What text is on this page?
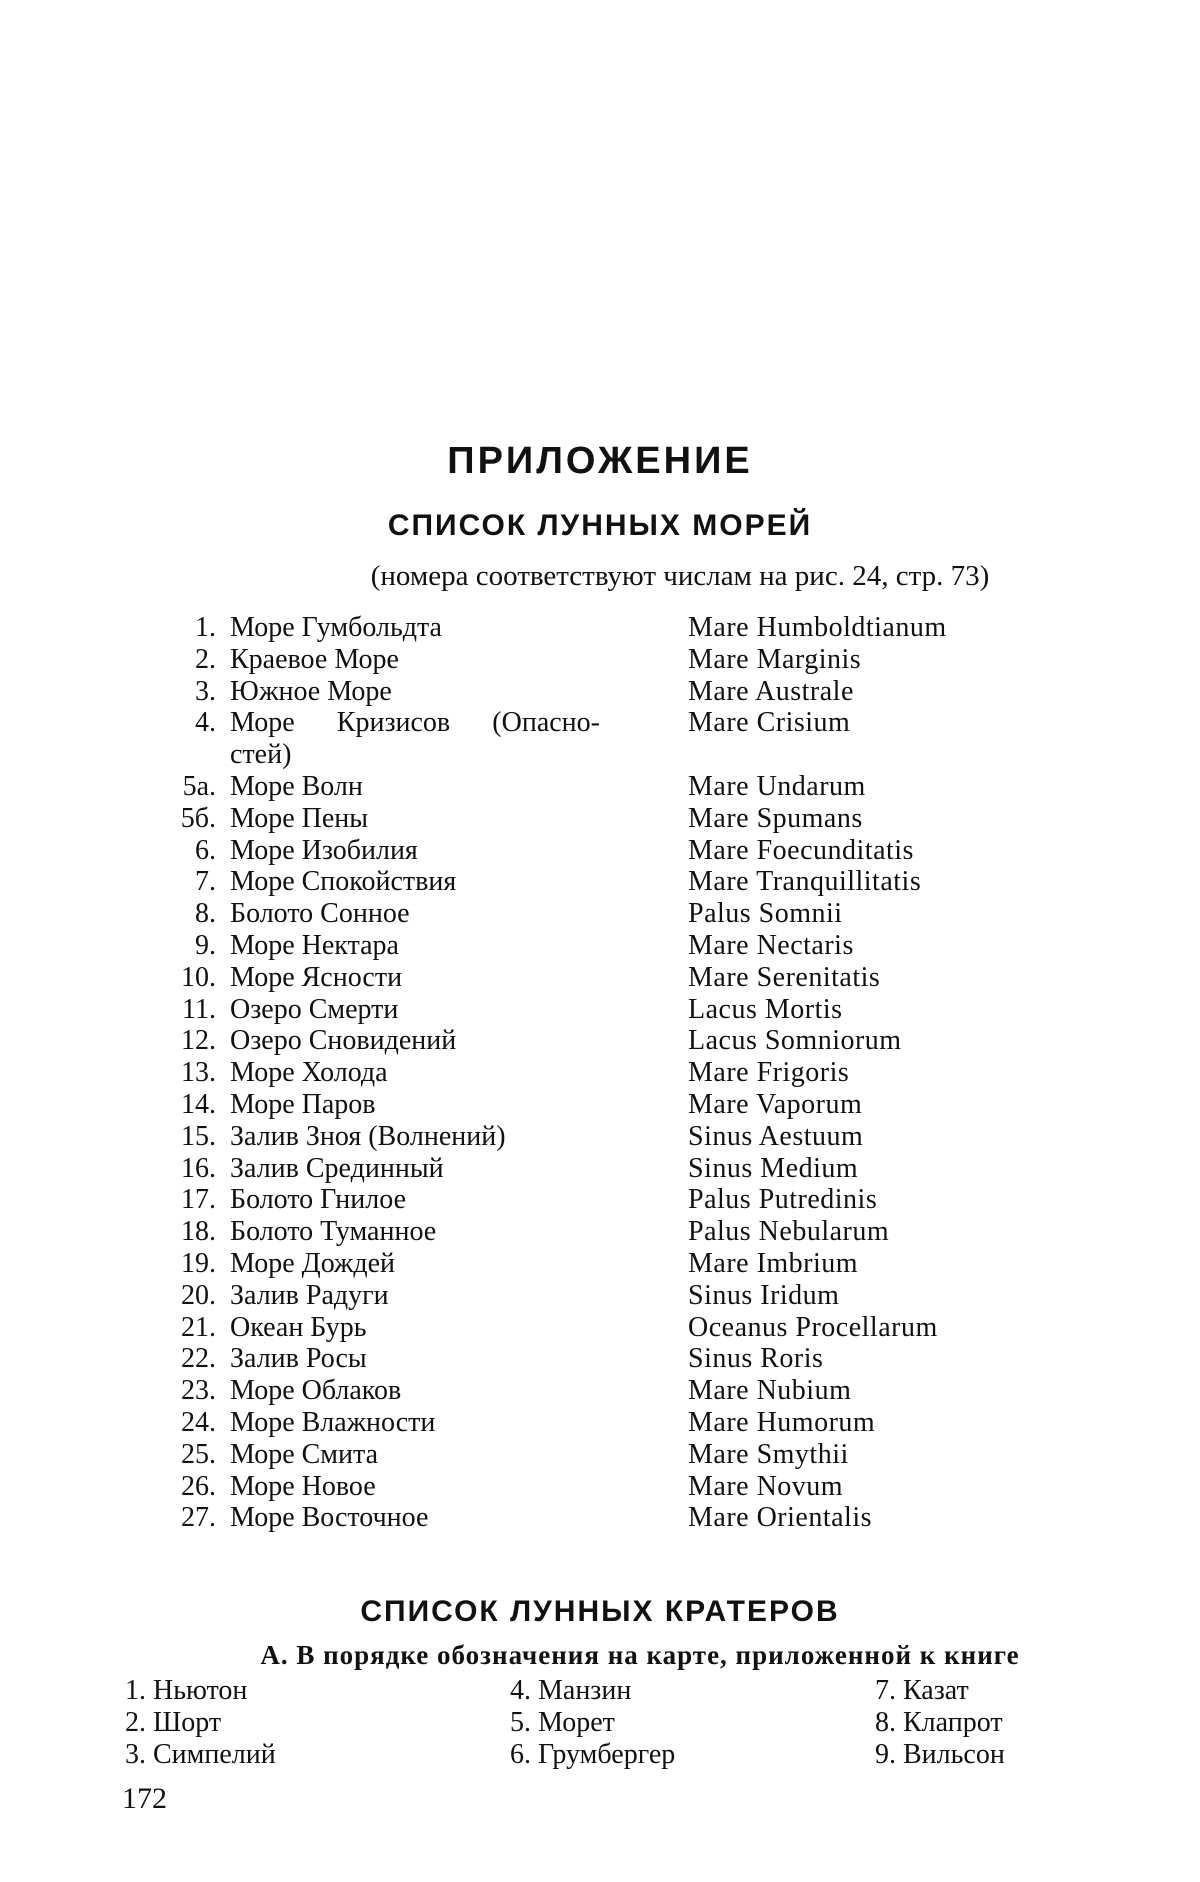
ПРИЛОЖЕНИЕ
СПИСОК ЛУННЫХ МОРЕЙ
(номера соответствуют числам на рис. 24, стр. 73)
1. Море Гумбольдта	Mare Humboldtianum
2. Краевое Море	Mare Marginis
3. Южное Море	Mare Australe
4. Море Кризисов (Опасно-	Mare Crisium
стей)
5а. Море Волн	Mare Undarum
5б. Море Пены	Mare Spumans
6. Море Изобилия	Mare Foecunditatis
7. Море Спокойствия	Mare Tranquillitatis
8. Болото Сонное	Palus Somnii
9. Море Нектара	Mare Nectaris
10. Море Ясности	Mare Serenitatis
11. Озеро Смерти	Lacus Mortis
12. Озеро Сновидений	Lacus Somniorum
13. Море Холода	Mare Frigoris
14. Море Паров	Mare Vaporum
15. Залив Зноя (Волнений)	Sinus Aestuum
16. Залив Срединный	Sinus Medium
17. Болото Гнилое	Palus Putredinis
18. Болото Туманное	Palus Nebularum
19. Море Дождей	Mare Imbrium
20. Залив Радуги	Sinus Iridum
21. Океан Бурь	Oceanus Procellarum
22. Залив Росы	Sinus Roris
23. Море Облаков	Mare Nubium
24. Море Влажности	Mare Humorum
25. Море Смита	Mare Smythii
26. Море Новое	Mare Novum
27. Море Восточное	Mare Orientalis
СПИСОК ЛУННЫХ КРАТЕРОВ
А. В порядке обозначения на карте, приложенной к книге
1. Ньютон	4. Манзин	7. Казат
2. Шорт	5. Морет	8. Клапрот
3. Симпелий	6. Грумбергер	9. Вильсон
172
